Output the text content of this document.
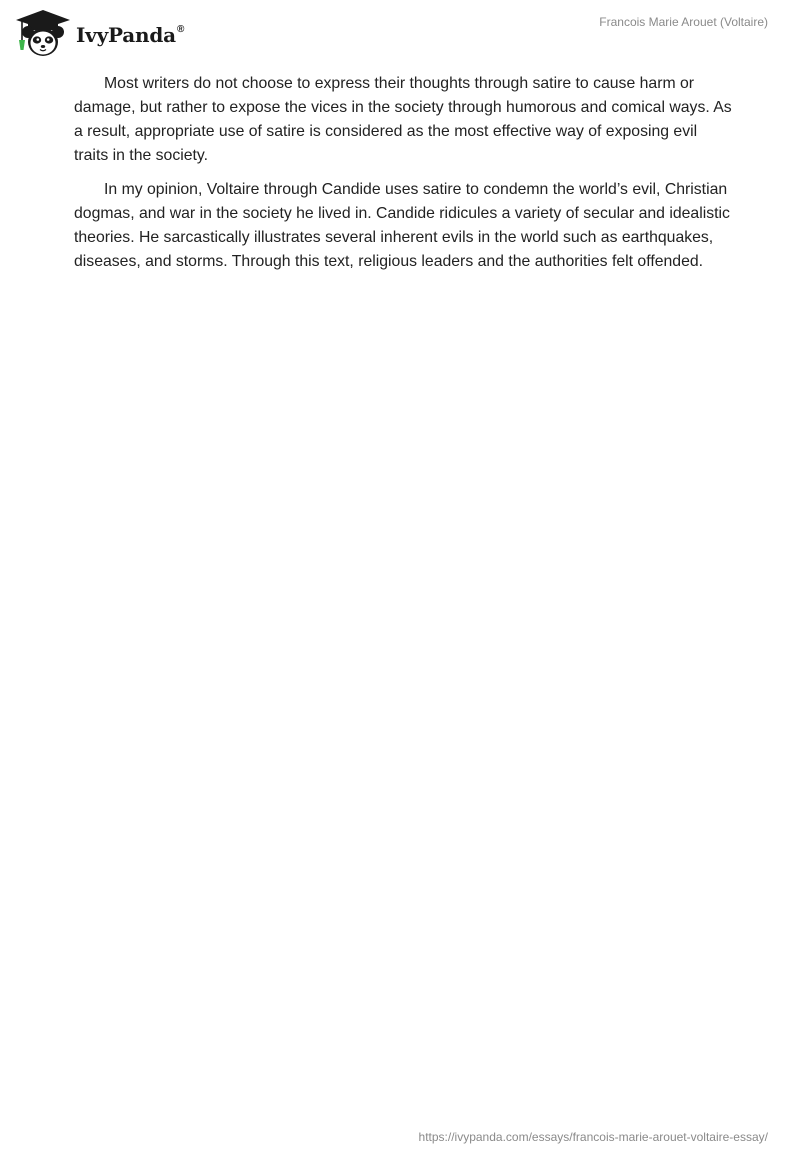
IvyPanda®
Francois Marie Arouet (Voltaire)

Most writers do not choose to express their thoughts through satire to cause harm or damage, but rather to expose the vices in the society through humorous and comical ways. As a result, appropriate use of satire is considered as the most effective way of exposing evil traits in the society.

In my opinion, Voltaire through Candide uses satire to condemn the world’s evil, Christian dogmas, and war in the society he lived in. Candide ridicules a variety of secular and idealistic theories. He sarcastically illustrates several inherent evils in the world such as earthquakes, diseases, and storms. Through this text, religious leaders and the authorities felt offended.

https://ivypanda.com/essays/francois-marie-arouet-voltaire-essay/
